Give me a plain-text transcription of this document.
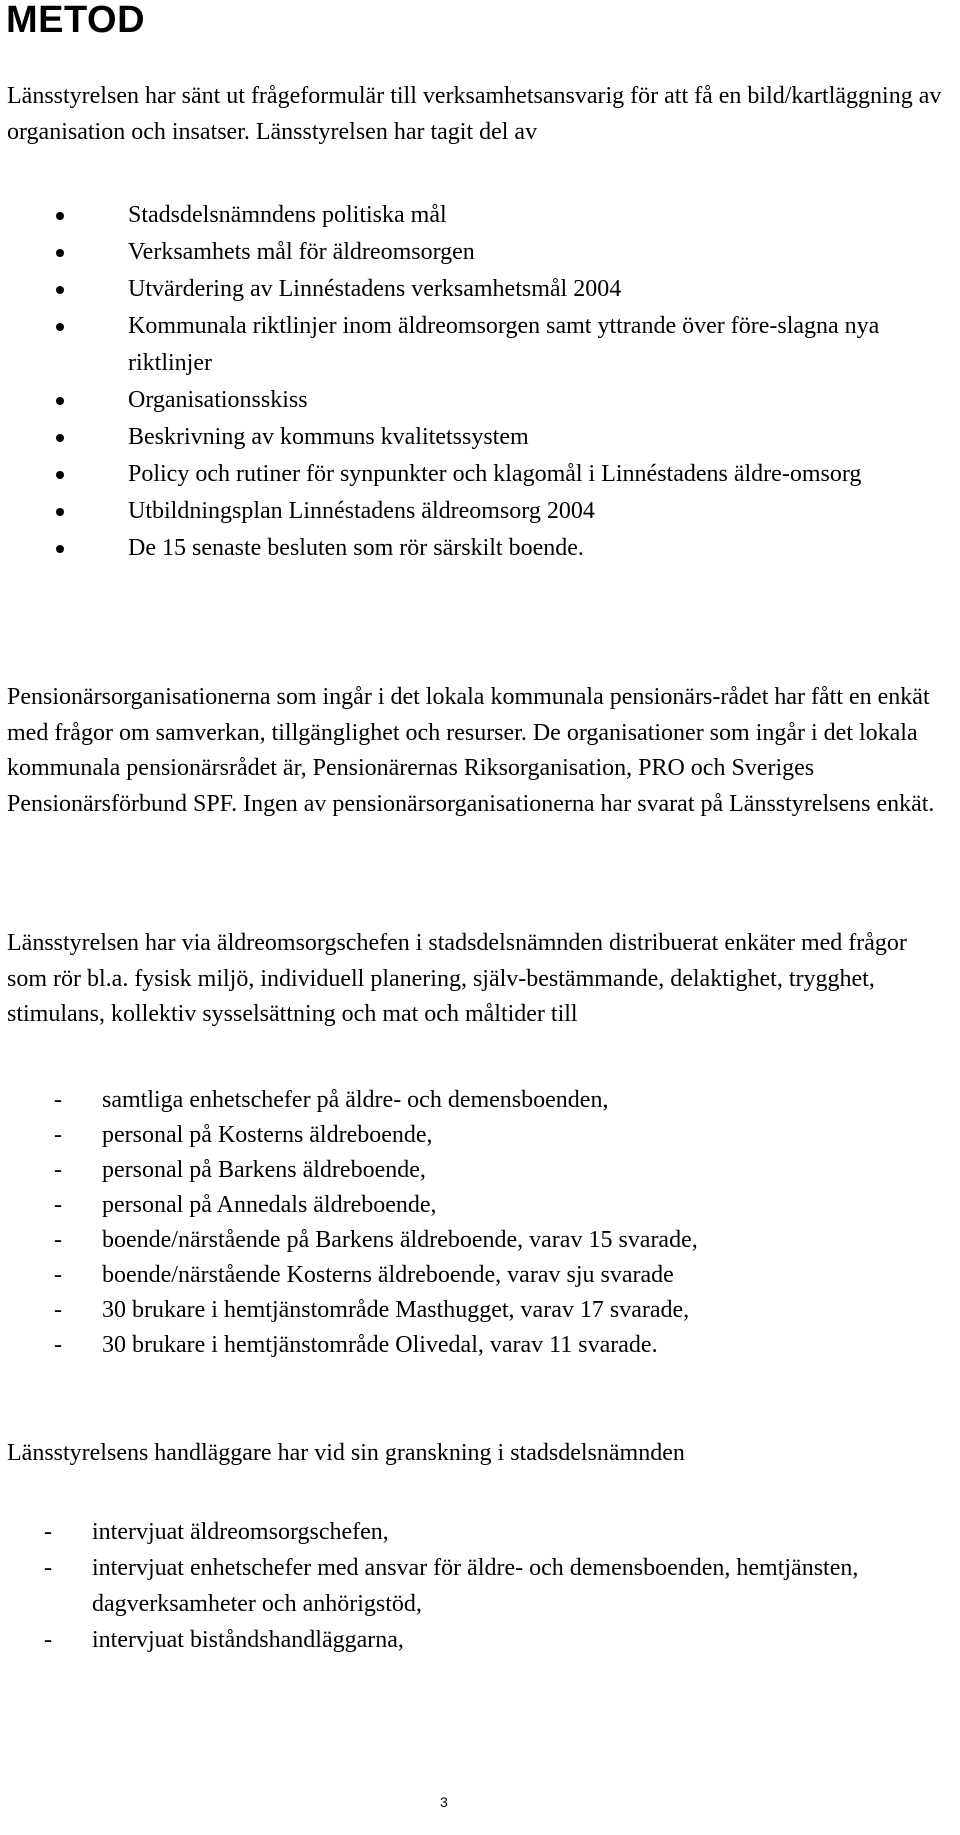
METOD

Länsstyrelsen har sänt ut frågeformulär till verksamhetsansvarig för att få en bild/kartläggning av organisation och insatser. Länsstyrelsen har tagit del av

Stadsdelsnämndens politiska mål
Verksamhets mål för äldreomsorgen
Utvärdering av Linnéstadens verksamhetsmål 2004
Kommunala riktlinjer inom äldreomsorgen samt yttrande över före-slagna nya riktlinjer
Organisationsskiss
Beskrivning av kommuns kvalitetssystem
Policy och rutiner för synpunkter och klagomål i Linnéstadens äldre-omsorg
Utbildningsplan Linnéstadens äldreomsorg 2004
De 15 senaste besluten som rör särskilt boende.

Pensionärsorganisationerna som ingår i det lokala kommunala pensionärs-rådet har fått en enkät med frågor om samverkan, tillgänglighet och resurser. De organisationer som ingår i det lokala kommunala pensionärsrådet är, Pensionärernas Riksorganisation, PRO och Sveriges Pensionärsförbund SPF. Ingen av pensionärsorganisationerna har svarat på Länsstyrelsens enkät.

Länsstyrelsen har via äldreomsorgschefen i stadsdelsnämnden distribuerat enkäter med frågor som rör bl.a. fysisk miljö, individuell planering, själv-bestämmande, delaktighet, trygghet, stimulans, kollektiv sysselsättning och mat och måltider till

- samtliga enhetschefer på äldre- och demensboenden,
- personal på Kosterns äldreboende,
- personal på Barkens äldreboende,
- personal på Annedals äldreboende,
- boende/närstående på Barkens äldreboende, varav 15 svarade,
- boende/närstående Kosterns äldreboende, varav sju svarade
- 30 brukare i hemtjänstområde Masthugget, varav 17 svarade,
- 30 brukare i hemtjänstområde Olivedal, varav 11 svarade.

Länsstyrelsens handläggare har vid sin granskning i stadsdelsnämnden

- intervjuat äldreomsorgschefen,
- intervjuat enhetschefer med ansvar för äldre- och demensboenden, hemtjänsten, dagverksamheter och anhörigstöd,
- intervjuat biståndshandläggarna,
3
